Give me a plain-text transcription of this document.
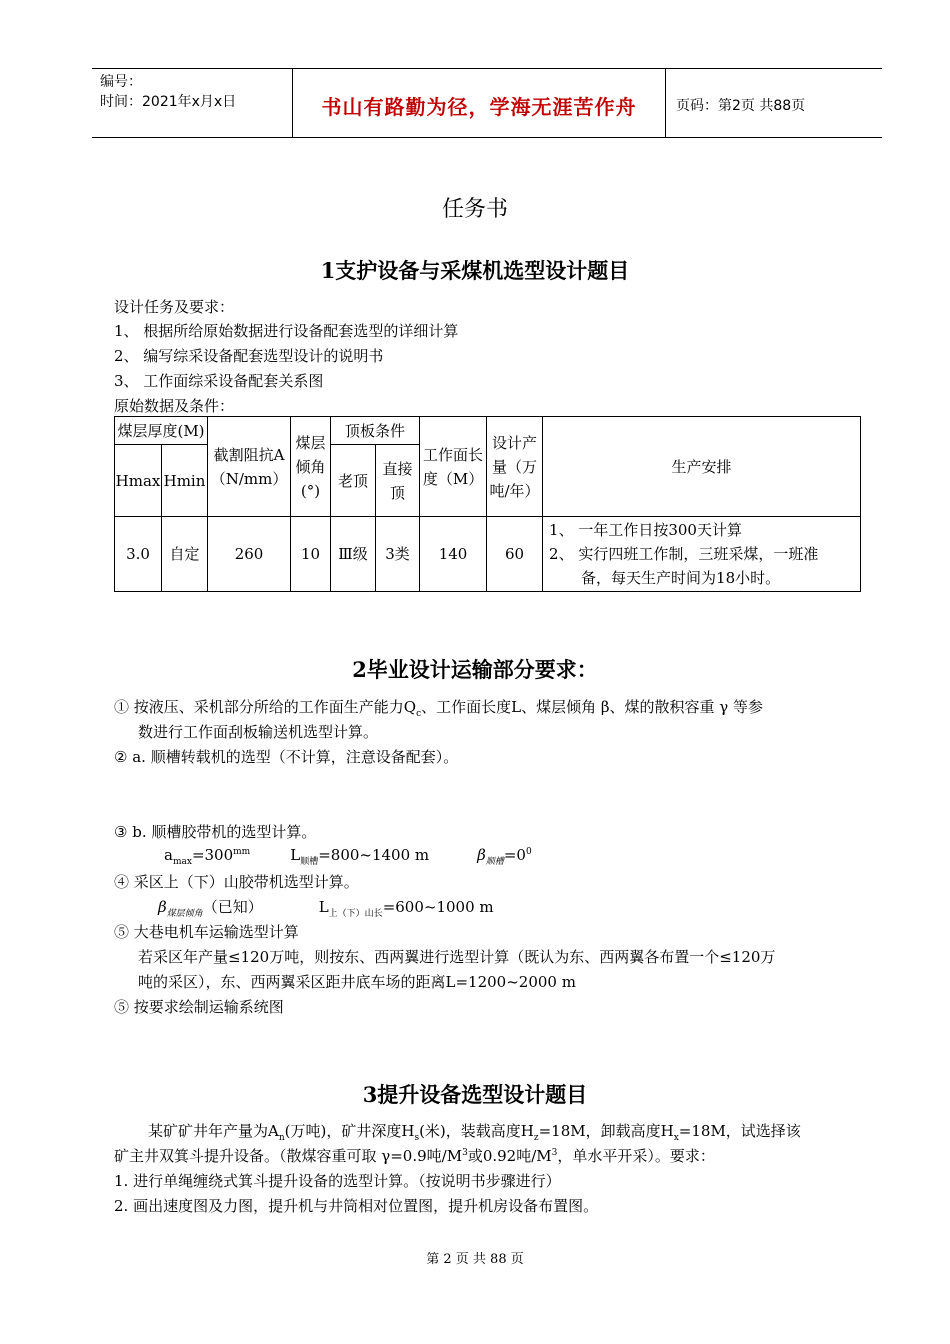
编号：
时间：2021年x月x日	书山有路勤为径，学海无涯苦作舟	页码：第2页 共88页
任务书
1支护设备与采煤机选型设计题目
设计任务及要求：
1、 根据所给原始数据进行设备配套选型的详细计算
2、 编写综采设备配套选型设计的说明书
3、 工作面综采设备配套关系图
原始数据及条件：
煤层厚度(M)		截割阻抗A（N/mm）	煤层倾角(°)	顶板条件		工作面长度（M）	设计产量（万吨/年）	生产安排
Hmax	Hmin			老顶	直接顶			
3.0	自定	260	10	Ⅲ级	3类	140	60	1、 一年工作日按300天计算
2、 实行四班工作制，三班采煤，一班准
备，每天生产时间为18小时。
2毕业设计运输部分要求：
① 按液压、采机部分所给的工作面生产能力$Q_c$、工作面长度L、煤层倾角 β、煤的散积容重 γ 等参
数进行工作面刮板输送机选型计算。
② a. 顺槽转载机的选型（不计算，注意设备配套）。
③ b. 顺槽胶带机的选型计算。
$a_{max}=300^{mm}$	$L_{顺槽}=800\sim 1400$ m	$\beta_{顺槽}=0^0$
④ 采区上（下）山胶带机选型计算。
$\beta_{煤层倾角}$（已知）	$L_{上(下)山长}=600\sim 1000$ m
⑤ 大巷电机车运输选型计算
若采区年产量≤120万吨，则按东、西两翼进行选型计算（既认为东、西两翼各布置一个≤120万
吨的采区），东、西两翼采区距井底车场的距离L=1200~2000 m
⑤ 按要求绘制运输系统图
3提升设备选型设计题目
某矿矿井年产量为$A_n$(万吨)，矿井深度$H_s$(米)，装载高度$H_z=18M$，卸载高度$H_x=18M$，试选择该
矿主井双箕斗提升设备。（散煤容重可取 γ=0.9吨$/M^3$或0.92吨$/M^3$，单水平开采）。要求：
1. 进行单绳缠绕式箕斗提升设备的选型计算。（按说明书步骤进行）
2. 画出速度图及力图，提升机与井筒相对位置图，提升机房设备布置图。
第 2 页 共 88 页
